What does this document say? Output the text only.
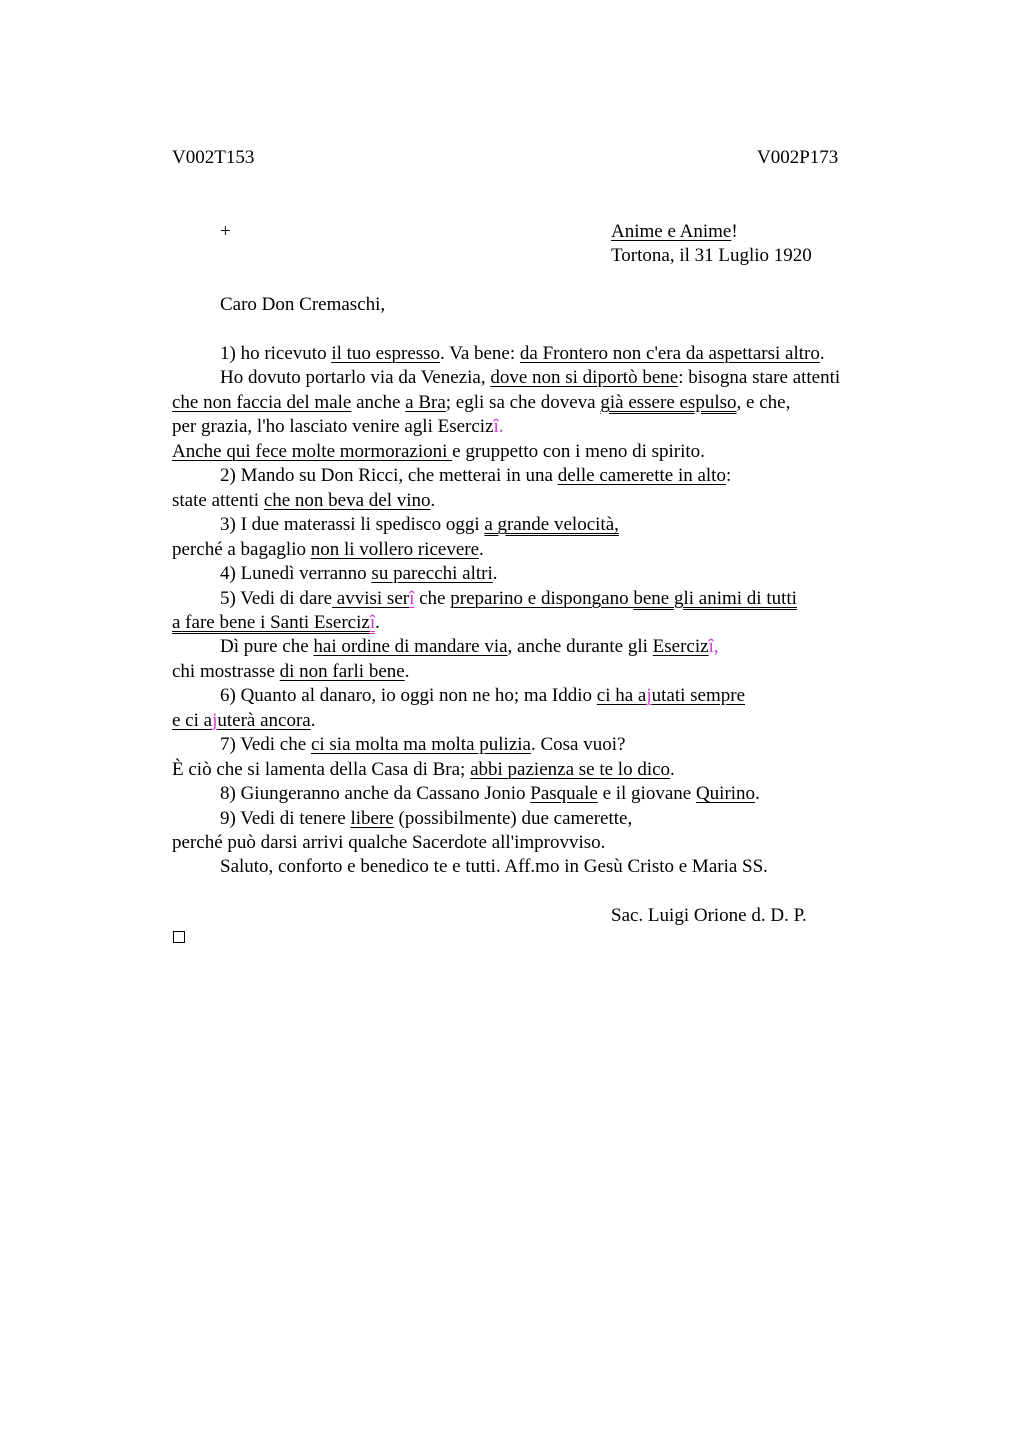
V002T153	V002P173
+	Anime e Anime!
Tortona, il 31 Luglio 1920
Caro Don Cremaschi,
1) ho ricevuto il tuo espresso. Va bene: da Frontero non c'era da aspettarsi altro.
Ho dovuto portarlo via da Venezia, dove non si diportò bene: bisogna stare attenti
che non faccia del male anche a Bra; egli sa che doveva già essere espulso, e che,
per grazia, l'ho lasciato venire agli Esercizî.
Anche qui fece molte mormorazioni e gruppetto con i meno di spirito.
2) Mando su Don Ricci, che metterai in una delle camerette in alto:
state attenti che non beva del vino.
3) I due materassi li spedisco oggi a grande velocità,
perché a bagaglio non li vollero ricevere.
4) Lunedì verranno su parecchi altri.
5) Vedi di dare avvisi serî che preparino e dispongano bene gli animi di tutti
a fare bene i Santi Esercizî.
Dì pure che hai ordine di mandare via, anche durante gli Esercizî,
chi mostrasse di non farli bene.
6) Quanto al danaro, io oggi non ne ho; ma Iddio ci ha ajutati sempre
e ci ajuterà ancora.
7) Vedi che ci sia molta ma molta pulizia. Cosa vuoi?
È ciò che si lamenta della Casa di Bra; abbi pazienza se te lo dico.
8) Giungeranno anche da Cassano Jonio Pasquale e il giovane Quirino.
9) Vedi di tenere libere (possibilmente) due camerette,
perché può darsi arrivi qualche Sacerdote all'improvviso.
Saluto, conforto e benedico te e tutti. Aff.mo in Gesù Cristo e Maria SS.
Sac. Luigi Orione d. D. P.
